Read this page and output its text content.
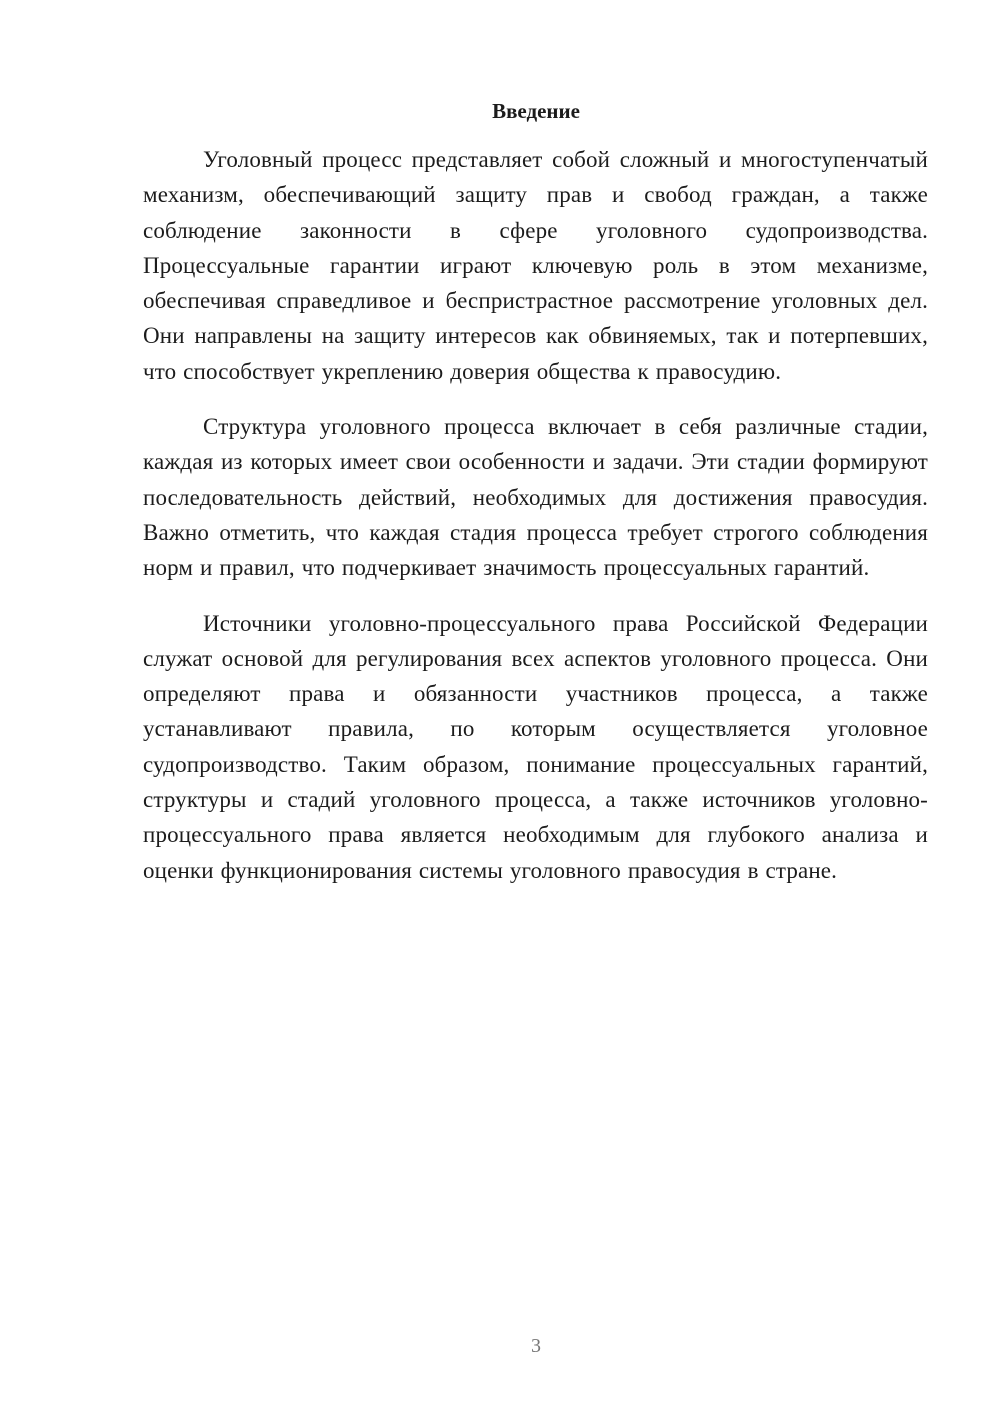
Введение

Уголовный процесс представляет собой сложный и многоступенчатый механизм, обеспечивающий защиту прав и свобод граждан, а также соблюдение законности в сфере уголовного судопроизводства. Процессуальные гарантии играют ключевую роль в этом механизме, обеспечивая справедливое и беспристрастное рассмотрение уголовных дел. Они направлены на защиту интересов как обвиняемых, так и потерпевших, что способствует укреплению доверия общества к правосудию.

Структура уголовного процесса включает в себя различные стадии, каждая из которых имеет свои особенности и задачи. Эти стадии формируют последовательность действий, необходимых для достижения правосудия. Важно отметить, что каждая стадия процесса требует строгого соблюдения норм и правил, что подчеркивает значимость процессуальных гарантий.

Источники уголовно-процессуального права Российской Федерации служат основой для регулирования всех аспектов уголовного процесса. Они определяют права и обязанности участников процесса, а также устанавливают правила, по которым осуществляется уголовное судопроизводство. Таким образом, понимание процессуальных гарантий, структуры и стадий уголовного процесса, а также источников уголовно-процессуального права является необходимым для глубокого анализа и оценки функционирования системы уголовного правосудия в стране.

3
